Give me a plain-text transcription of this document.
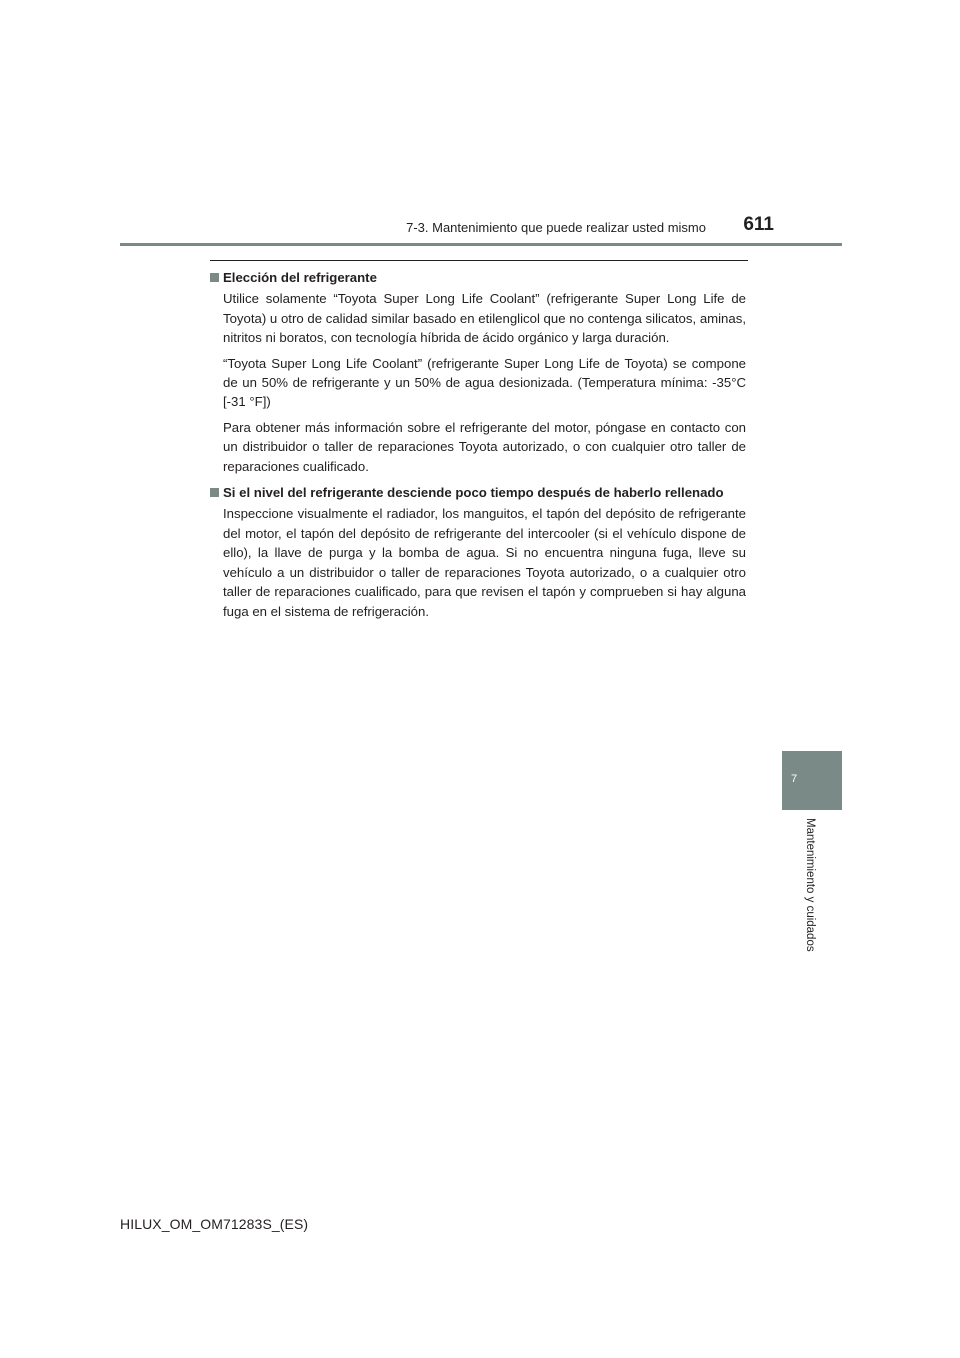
7-3. Mantenimiento que puede realizar usted mismo	611
Elección del refrigerante

Utilice solamente “Toyota Super Long Life Coolant” (refrigerante Super Long Life de Toyota) u otro de calidad similar basado en etilenglicol que no contenga silicatos, aminas, nitritos ni boratos, con tecnología híbrida de ácido orgánico y larga duración.

“Toyota Super Long Life Coolant” (refrigerante Super Long Life de Toyota) se compone de un 50% de refrigerante y un 50% de agua desionizada. (Temperatura mínima: -35°C [-31 °F])

Para obtener más información sobre el refrigerante del motor, póngase en contacto con un distribuidor o taller de reparaciones Toyota autorizado, o con cualquier otro taller de reparaciones cualificado.

Si el nivel del refrigerante desciende poco tiempo después de haberlo rellenado

Inspeccione visualmente el radiador, los manguitos, el tapón del depósito de refrigerante del motor, el tapón del depósito de refrigerante del intercooler (si el vehículo dispone de ello), la llave de purga y la bomba de agua. Si no encuentra ninguna fuga, lleve su vehículo a un distribuidor o taller de reparaciones Toyota autorizado, o a cualquier otro taller de reparaciones cualificado, para que revisen el tapón y comprueben si hay alguna fuga en el sistema de refrigeración.

7
Mantenimiento y cuidados
HILUX_OM_OM71283S_(ES)
